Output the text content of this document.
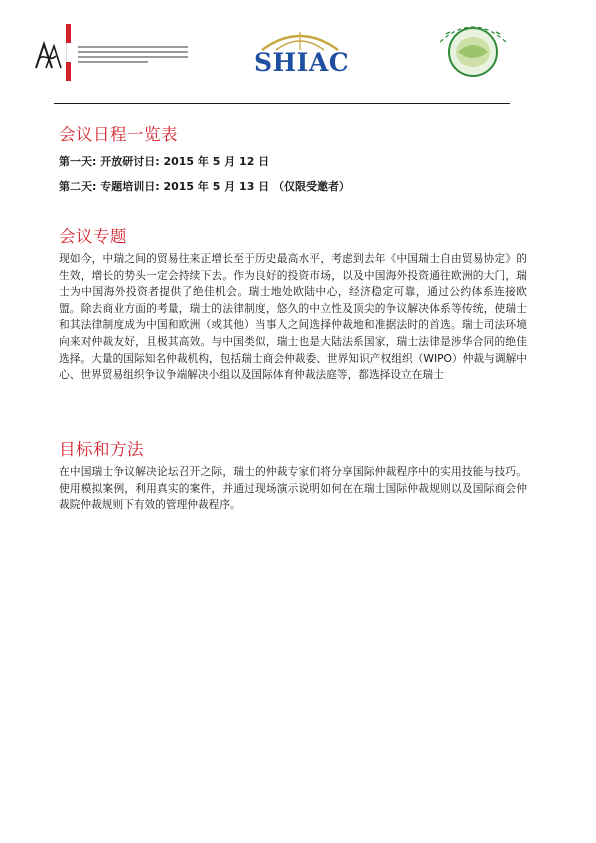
SHIAC
会议日程一览表
第一天: 开放研讨日: 2015 年 5 月 12 日
第二天: 专题培训日: 2015 年 5 月 13 日 （仅限受邀者）
会议专题

现如今，中瑞之间的贸易往来正增长至于历史最高水平，考虑到去年《中国瑞士自由贸易协定》的生效，增长的势头一定会持续下去。作为良好的投资市场，以及中国海外投资通往欧洲的大门，瑞士为中国海外投资者提供了绝佳机会。瑞士地处欧陆中心，经济稳定可靠，通过公约体系连接欧盟。除去商业方面的考量，瑞士的法律制度，悠久的中立性及顶尖的争议解决体系等传统，使瑞士和其法律制度成为中国和欧洲（或其他）当事人之间选择仲裁地和准据法时的首选。瑞士司法环境向来对仲裁友好，且极其高效。与中国类似，瑞士也是大陆法系国家，瑞士法律是涉华合同的绝佳选择。大量的国际知名仲裁机构，包括瑞士商会仲裁委、世界知识产权组织（WIPO）仲裁与调解中心、世界贸易组织争议争端解决小组以及国际体育仲裁法庭等，都选择设立在瑞士

目标和方法

在中国瑞士争议解决论坛召开之际，瑞士的仲裁专家们将分享国际仲裁程序中的实用技能与技巧。使用模拟案例，利用真实的案件，并通过现场演示说明如何在在瑞士国际仲裁规则以及国际商会仲裁院仲裁规则下有效的管理仲裁程序。
